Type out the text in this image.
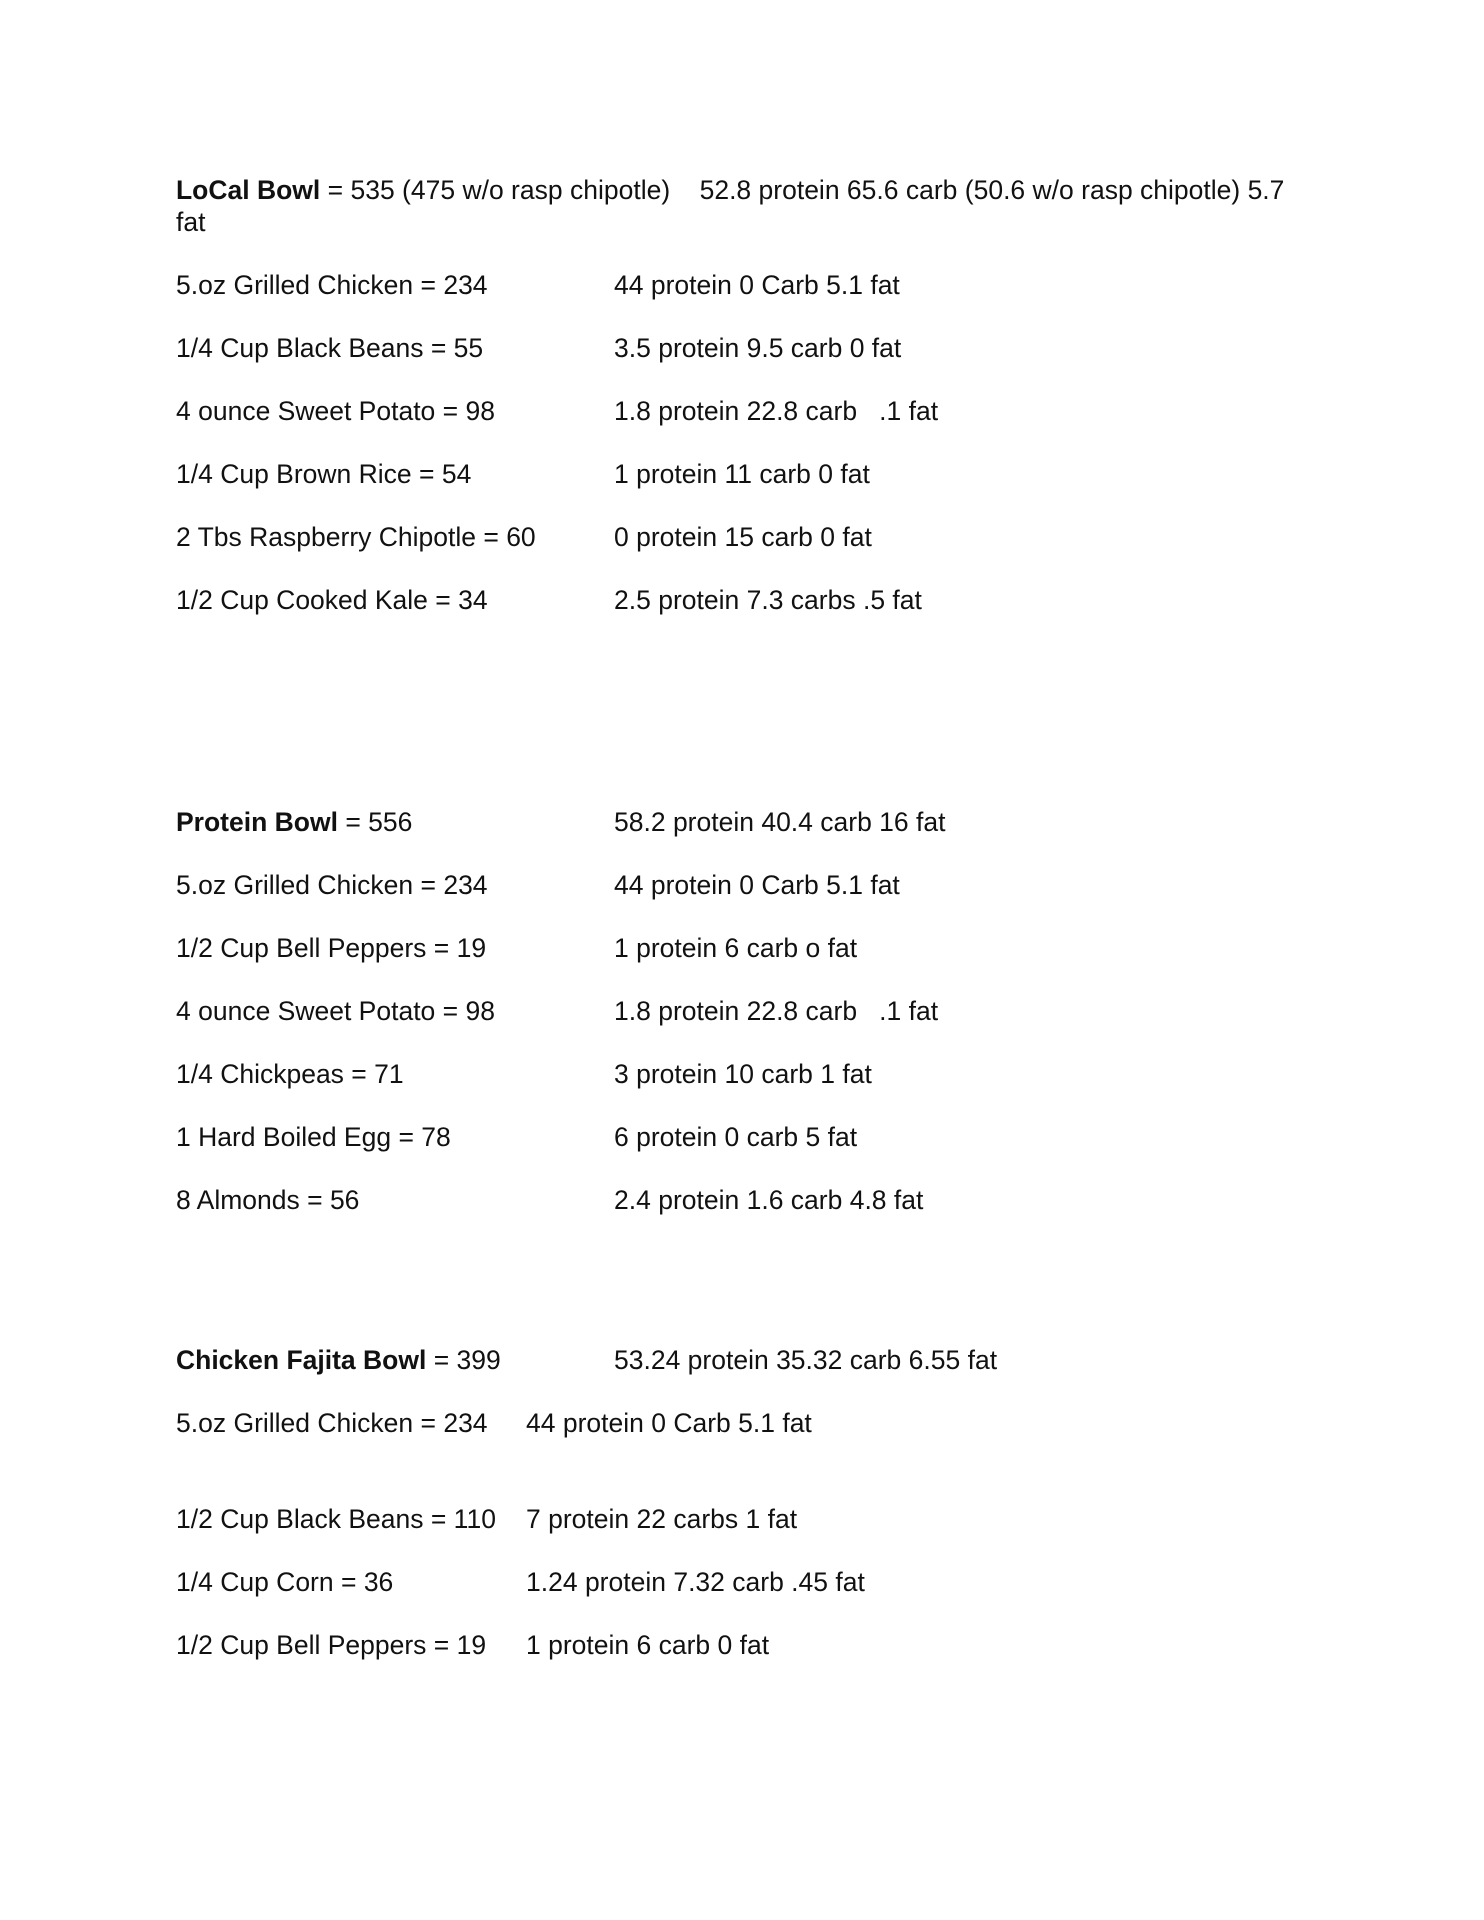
LoCal Bowl = 535 (475 w/o rasp chipotle)    52.8 protein 65.6 carb (50.6 w/o rasp chipotle) 5.7
fat
5.oz Grilled Chicken = 234	44 protein 0 Carb 5.1 fat
1/4 Cup Black Beans = 55	3.5 protein 9.5 carb 0 fat
4 ounce Sweet Potato = 98	1.8 protein 22.8 carb   .1 fat
1/4 Cup Brown Rice = 54	1 protein 11 carb 0 fat
2 Tbs Raspberry Chipotle = 60	0 protein 15 carb 0 fat
1/2 Cup Cooked Kale = 34	2.5 protein 7.3 carbs .5 fat
Protein Bowl = 556	58.2 protein 40.4 carb 16 fat
5.oz Grilled Chicken = 234	44 protein 0 Carb 5.1 fat
1/2 Cup Bell Peppers = 19	1 protein 6 carb o fat
4 ounce Sweet Potato = 98	1.8 protein 22.8 carb   .1 fat
1/4 Chickpeas = 71	3 protein 10 carb 1 fat
1 Hard Boiled Egg = 78	6 protein 0 carb 5 fat
8 Almonds = 56	2.4 protein 1.6 carb 4.8 fat
Chicken Fajita Bowl = 399	53.24 protein 35.32 carb 6.55 fat
5.oz Grilled Chicken = 234 44 protein 0 Carb 5.1 fat
1/2 Cup Black Beans = 110 7 protein 22 carbs 1 fat
1/4 Cup Corn = 36	1.24 protein 7.32 carb .45 fat
1/2 Cup Bell Peppers = 19 1 protein 6 carb 0 fat
